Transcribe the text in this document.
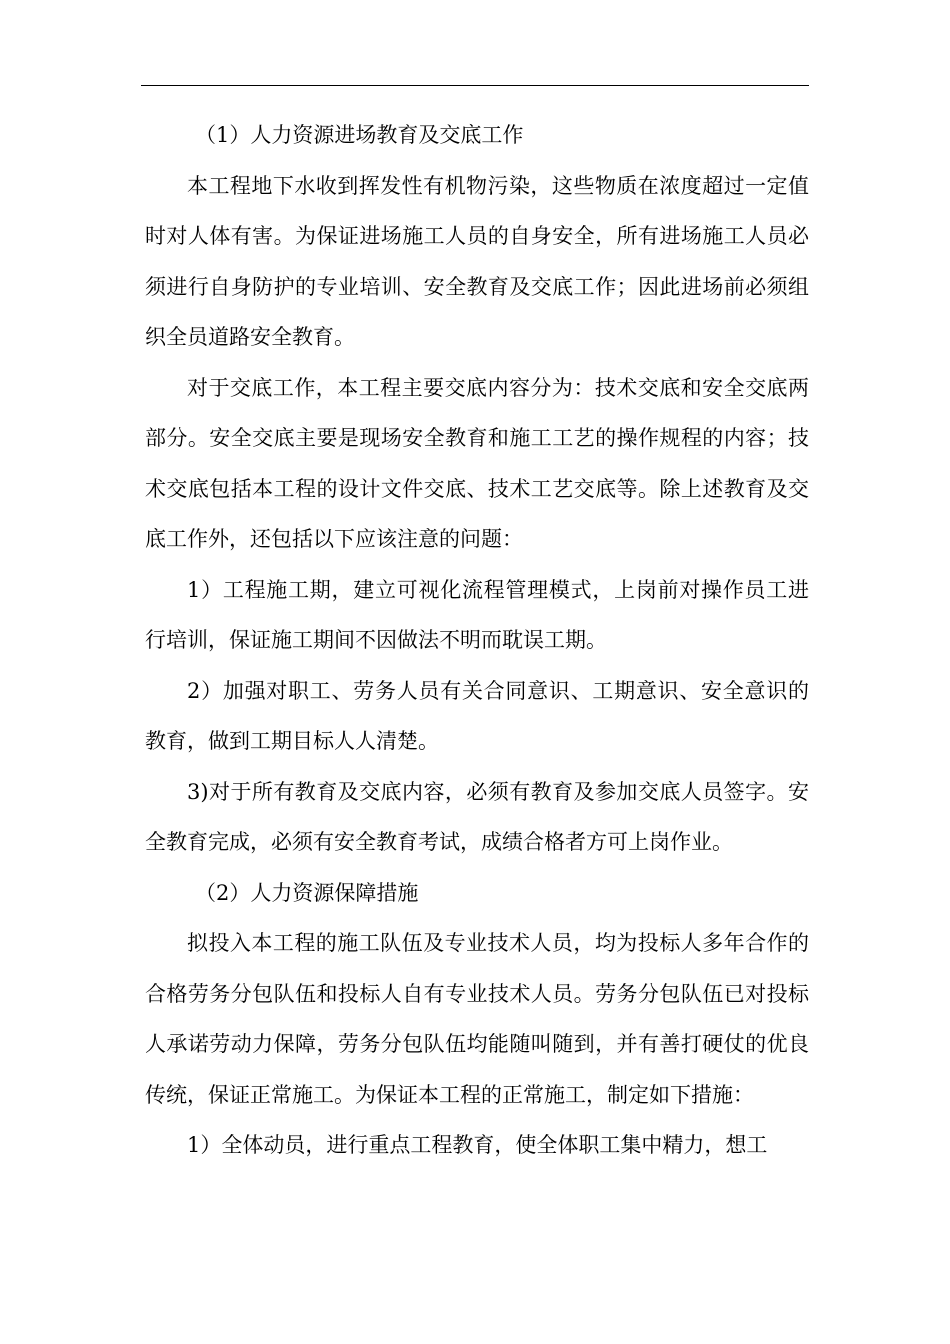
（1）人力资源进场教育及交底工作

本工程地下水收到挥发性有机物污染，这些物质在浓度超过一定值时对人体有害。为保证进场施工人员的自身安全，所有进场施工人员必须进行自身防护的专业培训、安全教育及交底工作；因此进场前必须组织全员道路安全教育。

对于交底工作，本工程主要交底内容分为：技术交底和安全交底两部分。安全交底主要是现场安全教育和施工工艺的操作规程的内容；技术交底包括本工程的设计文件交底、技术工艺交底等。除上述教育及交底工作外，还包括以下应该注意的问题：

1）工程施工期，建立可视化流程管理模式，上岗前对操作员工进行培训，保证施工期间不因做法不明而耽误工期。

2）加强对职工、劳务人员有关合同意识、工期意识、安全意识的教育，做到工期目标人人清楚。

3)对于所有教育及交底内容，必须有教育及参加交底人员签字。安全教育完成，必须有安全教育考试，成绩合格者方可上岗作业。

（2）人力资源保障措施

拟投入本工程的施工队伍及专业技术人员，均为投标人多年合作的合格劳务分包队伍和投标人自有专业技术人员。劳务分包队伍已对投标人承诺劳动力保障，劳务分包队伍均能随叫随到，并有善打硬仗的优良传统，保证正常施工。为保证本工程的正常施工，制定如下措施：

1）全体动员，进行重点工程教育，使全体职工集中精力，想工
